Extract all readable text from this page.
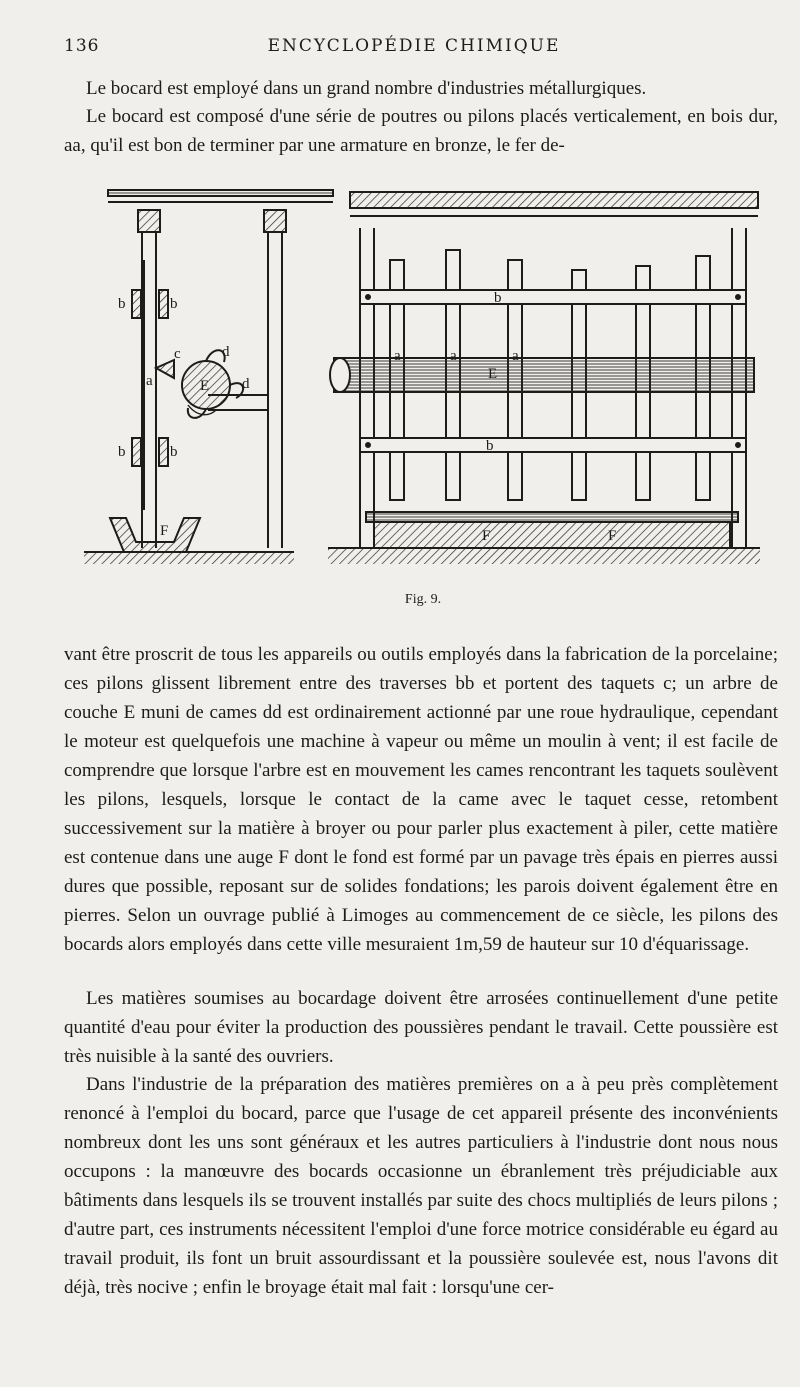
136	ENCYCLOPÉDIE CHIMIQUE

Le bocard est employé dans un grand nombre d'industries métallurgiques.

Le bocard est composé d'une série de poutres ou pilons placés verticalement, en bois dur, aa, qu'il est bon de terminer par une armature en bronze, le fer de-

b	b
b	b
c	d
d
a	E
F
b
b
a	a	a
E
F	F
Fig. 9.

vant être proscrit de tous les appareils ou outils employés dans la fabrication de la porcelaine; ces pilons glissent librement entre des traverses bb et portent des taquets c; un arbre de couche E muni de cames dd est ordinairement actionné par une roue hydraulique, cependant le moteur est quelquefois une machine à vapeur ou même un moulin à vent; il est facile de comprendre que lorsque l'arbre est en mouvement les cames rencontrant les taquets soulèvent les pilons, lesquels, lorsque le contact de la came avec le taquet cesse, retombent successivement sur la matière à broyer ou pour parler plus exactement à piler, cette matière est contenue dans une auge F dont le fond est formé par un pavage très épais en pierres aussi dures que possible, reposant sur de solides fondations; les parois doivent également être en pierres. Selon un ouvrage publié à Limoges au commencement de ce siècle, les pilons des bocards alors employés dans cette ville mesuraient 1m,59 de hauteur sur 10 d'équarissage.

Les matières soumises au bocardage doivent être arrosées continuellement d'une petite quantité d'eau pour éviter la production des poussières pendant le travail. Cette poussière est très nuisible à la santé des ouvriers.

Dans l'industrie de la préparation des matières premières on a à peu près complètement renoncé à l'emploi du bocard, parce que l'usage de cet appareil présente des inconvénients nombreux dont les uns sont généraux et les autres particuliers à l'industrie dont nous nous occupons : la manœuvre des bocards occasionne un ébranlement très préjudiciable aux bâtiments dans lesquels ils se trouvent installés par suite des chocs multipliés de leurs pilons ; d'autre part, ces instruments nécessitent l'emploi d'une force motrice considérable eu égard au travail produit, ils font un bruit assourdissant et la poussière soulevée est, nous l'avons dit déjà, très nocive ; enfin le broyage était mal fait : lorsqu'une cer-
